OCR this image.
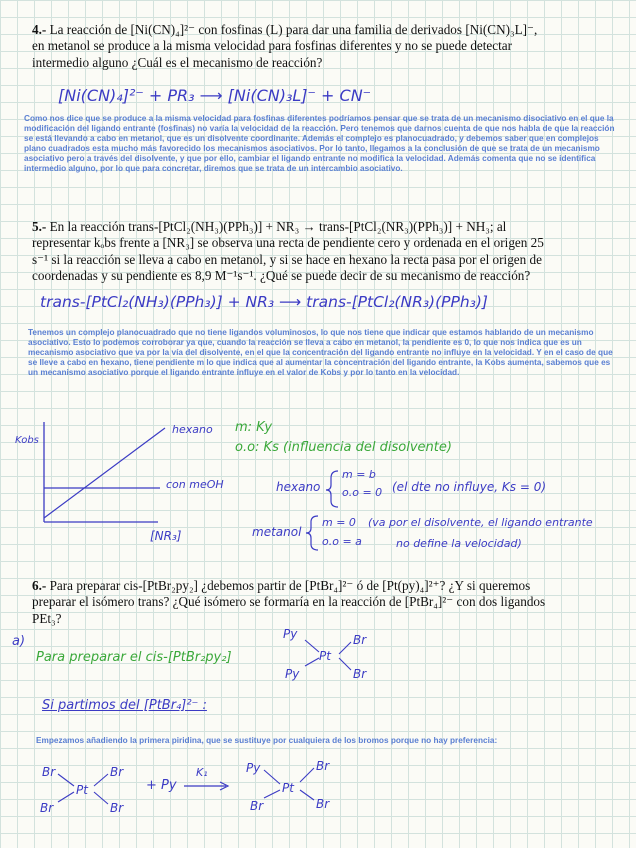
4.- La reacción de [Ni(CN)₄]²⁻ con fosfinas (L) para dar una familia de derivados [Ni(CN)₃L]⁻,
en metanol se produce a la misma velocidad para fosfinas diferentes y no se puede detectar
intermedio alguno ¿Cuál es el mecanismo de reacción?
[Ni(CN)₄]²⁻ + PR₃ ⟶ [Ni(CN)₃L]⁻ + CN⁻
Como nos dice que se produce a la misma velocidad para fosfinas diferentes podríamos pensar que se trata de un mecanismo disociativo en el que la modificación del ligando entrante (fosfinas) no varía la velocidad de la reacción. Pero tenemos que darnos cuenta de que nos habla de que la reacción se está llevando a cabo en metanol, que es un disolvente coordinante. Además el complejo es planocuadrado, y debemos saber que en complejos plano cuadrados esta mucho más favorecido los mecanismos asociativos. Por lo tanto, llegamos a la conclusión de que se trata de un mecanismo asociativo pero a través del disolvente, y que por ello, cambiar el ligando entrante no modifica la velocidad. Además comenta que no se identifica intermedio alguno, por lo que para concretar, diremos que se trata de un intercambio asociativo.
5.- En la reacción trans-[PtCl₂(NH₃)(PPh₃)] + NR₃ → trans-[PtCl₂(NR₃)(PPh₃)] + NH₃; al
representar kₒbs frente a [NR₃] se observa una recta de pendiente cero y ordenada en el origen 25
s⁻¹ si la reacción se lleva a cabo en metanol, y si se hace en hexano la recta pasa por el origen de
coordenadas y su pendiente es 8,9 M⁻¹s⁻¹. ¿Qué se puede decir de su mecanismo de reacción?
trans-[PtCl₂(NH₃)(PPh₃)] + NR₃ ⟶ trans-[PtCl₂(NR₃)(PPh₃)]
Tenemos un complejo planocuadrado que no tiene ligandos voluminosos, lo que nos tiene que indicar que estamos hablando de un mecanismo asociativo. Esto lo podemos corroborar ya que, cuando la reacción se lleva a cabo en metanol, la pendiente es 0, lo que nos indica que es un mecanismo asociativo que va por la vía del disolvente, en el que la concentración del ligando entrante no influye en la velocidad. Y en el caso de que se lleve a cabo en hexano, tiene pendiente m lo que indica que al aumentar la concentración del ligando entrante, la Kobs aumenta, sabemos que es un mecanismo asociativo porque el ligando entrante influye en el valor de Kobs y por lo tanto en la velocidad.
Kobs
[NR₃]
hexano
con meOH
m: Ky
o.o: Ks (influencia del disolvente)
hexano
m = b
o.o = 0 (el dte no influye, Ks = 0)
metanol
m = 0
o.o = a
(va por el disolvente, el ligando entrante
no define la velocidad)
6.- Para preparar cis-[PtBr₂py₂] ¿debemos partir de [PtBr₄]²⁻ ó de [Pt(py)₄]²⁺? ¿Y si queremos
preparar el isómero trans? ¿Qué isómero se formaría en la reacción de [PtBr₄]²⁻ con dos ligandos
PEt₃?
a)
Para preparar el cis-[PtBr₂py₂]
Si partimos del [PtBr₄]²⁻ :
Empezamos añadiendo la primera piridina, que se sustituye por cualquiera de los bromos porque no hay preferencia:
Pt
Py
Py
Br
Br
Pt
Br
Br
Br
Br
+ Py
K₁
Pt
Py
Br
Br
Br
